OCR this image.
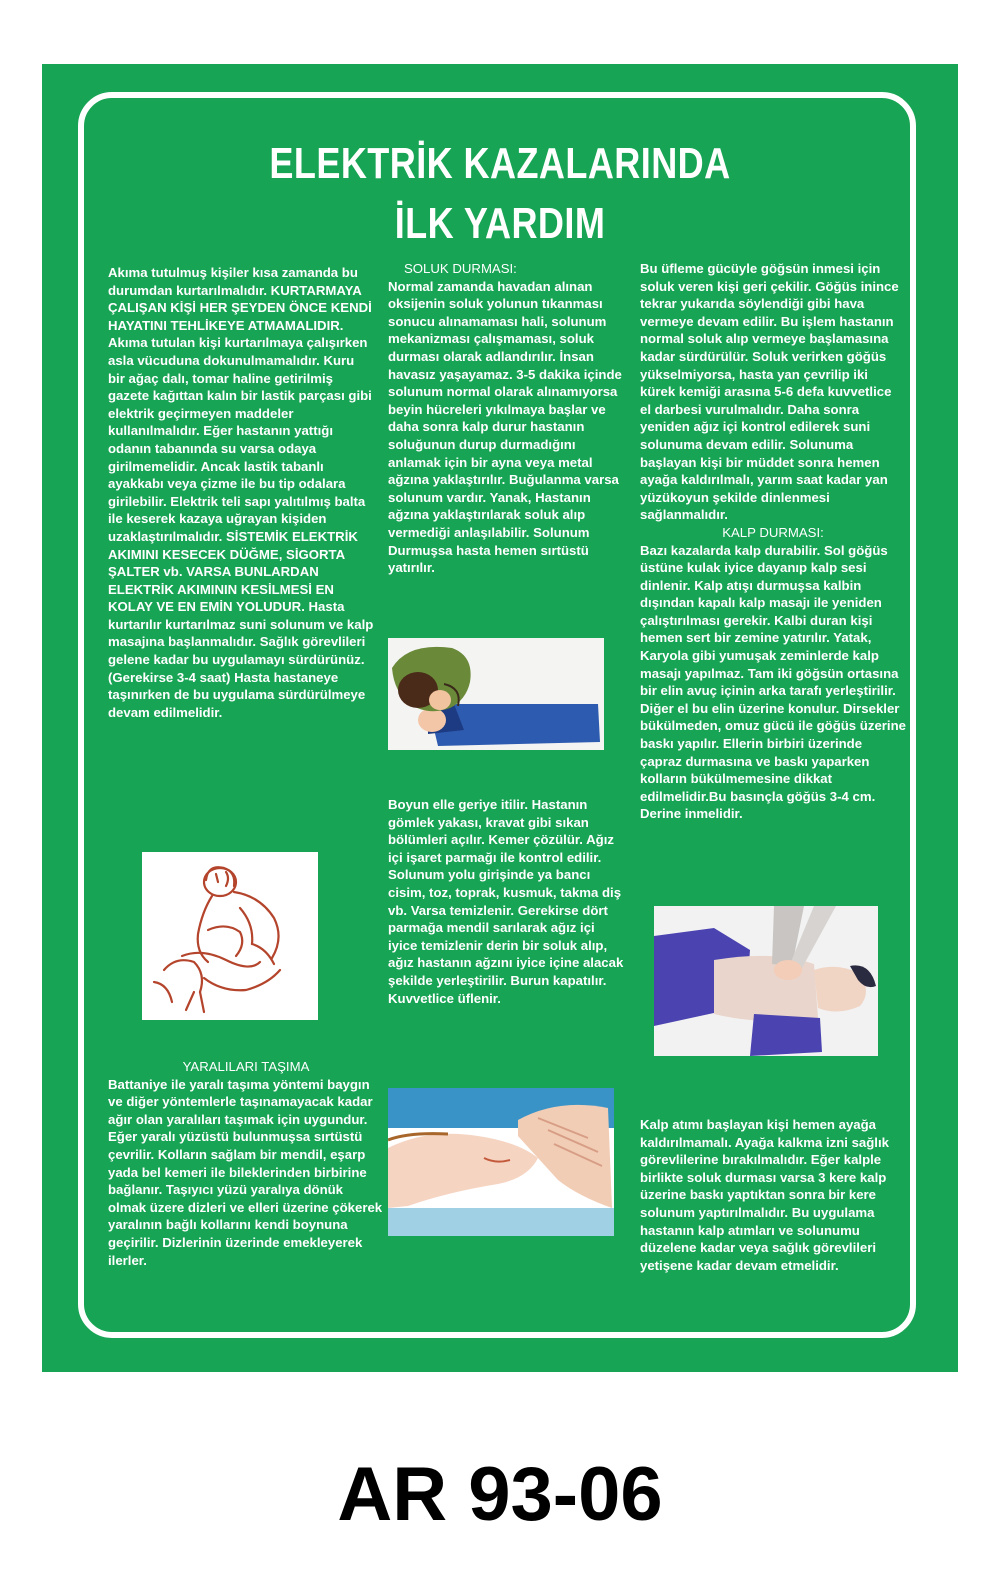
ELEKTRİK KAZALARINDA
İLK YARDIM

Akıma tutulmuş kişiler kısa zamanda bu durumdan kurtarılmalıdır. KURTARMAYA ÇALIŞAN KİŞİ HER ŞEYDEN ÖNCE KENDİ HAYATINI TEHLİKEYE ATMAMALIDIR. Akıma tutulan kişi kurtarılmaya çalışırken asla vücuduna dokunulmamalıdır. Kuru bir ağaç dalı, tomar haline getirilmiş gazete kağıttan kalın bir lastik parçası gibi elektrik geçirmeyen maddeler kullanılmalıdır. Eğer hastanın yattığı odanın tabanında su varsa odaya girilmemelidir. Ancak lastik tabanlı ayakkabı veya çizme ile bu tip odalara girilebilir. Elektrik teli sapı yalıtılmış balta ile keserek kazaya uğrayan kişiden uzaklaştırılmalıdır. SİSTEMİK ELEKTRİK AKIMINI KESECEK DÜĞME, SİGORTA ŞALTER vb. VARSA BUNLARDAN ELEKTRİK AKIMININ KESİLMESİ EN KOLAY VE EN EMİN YOLUDUR. Hasta kurtarılır kurtarılmaz suni solunum ve kalp masajına başlanmalıdır. Sağlık görevlileri gelene kadar bu uygulamayı sürdürünüz. (Gerekirse 3-4 saat) Hasta hastaneye taşınırken de bu uygulama sürdürülmeye devam edilmelidir.

YARALILARI TAŞIMA

Battaniye ile yaralı taşıma yöntemi baygın ve diğer yöntemlerle taşınamayacak kadar ağır olan yaralıları taşımak için uygundur. Eğer yaralı yüzüstü bulunmuşsa sırtüstü çevrilir. Kolların sağlam bir mendil, eşarp yada bel kemeri ile bileklerinden birbirine bağlanır. Taşıyıcı yüzü yaralıya dönük olmak üzere dizleri ve elleri üzerine çökerek yaralının bağlı kollarını kendi boynuna geçirilir. Dizlerinin üzerinde emekleyerek ilerler.

SOLUK DURMASI:

Normal zamanda havadan alınan oksijenin soluk yolunun tıkanması sonucu alınamaması hali, solunum mekanizması çalışmaması, soluk durması olarak adlandırılır. İnsan havasız yaşayamaz. 3-5 dakika içinde solunum normal olarak alınamıyorsa beyin hücreleri yıkılmaya başlar ve daha sonra kalp durur hastanın soluğunun durup durmadığını anlamak için bir ayna veya metal ağzına yaklaştırılır. Buğulanma varsa solunum vardır. Yanak, Hastanın ağzına yaklaştırılarak soluk alıp vermediği anlaşılabilir. Solunum Durmuşsa hasta hemen sırtüstü yatırılır.

Boyun elle geriye itilir. Hastanın gömlek yakası, kravat gibi sıkan bölümleri açılır. Kemer çözülür. Ağız içi işaret parmağı ile kontrol edilir. Solunum yolu girişinde ya bancı cisim, toz, toprak, kusmuk, takma diş vb. Varsa temizlenir. Gerekirse dört parmağa mendil sarılarak ağız içi iyice temizlenir derin bir soluk alıp, ağız hastanın ağzını iyice içine alacak şekilde yerleştirilir. Burun kapatılır. Kuvvetlice üflenir.

Bu üfleme gücüyle göğsün inmesi için soluk veren kişi geri çekilir. Göğüs inince tekrar yukarıda söylendiği gibi hava vermeye devam edilir. Bu işlem hastanın normal soluk alıp vermeye başlamasına kadar sürdürülür. Soluk verirken göğüs yükselmiyorsa, hasta yan çevrilip iki kürek kemiği arasına 5-6 defa kuvvetlice el darbesi vurulmalıdır. Daha sonra yeniden ağız içi kontrol edilerek suni solunuma devam edilir. Solunuma başlayan kişi bir müddet sonra hemen ayağa kaldırılmalı, yarım saat kadar yan yüzükoyun şekilde dinlenmesi sağlanmalıdır.

KALP DURMASI:

Bazı kazalarda kalp durabilir. Sol göğüs üstüne kulak iyice dayanıp kalp sesi dinlenir. Kalp atışı durmuşsa kalbin dışından kapalı kalp masajı ile yeniden çalıştırılması gerekir. Kalbi duran kişi hemen sert bir zemine yatırılır. Yatak, Karyola gibi yumuşak zeminlerde kalp masajı yapılmaz. Tam iki göğsün ortasına bir elin avuç içinin arka tarafı yerleştirilir. Diğer el bu elin üzerine konulur. Dirsekler bükülmeden, omuz gücü ile göğüs üzerine baskı yapılır. Ellerin birbiri üzerinde çapraz durmasına ve baskı yaparken kolların bükülmemesine dikkat edilmelidir.Bu basınçla göğüs 3-4 cm. Derine inmelidir.

Kalp atımı başlayan kişi hemen ayağa kaldırılmamalı. Ayağa kalkma izni sağlık görevlilerine bırakılmalıdır. Eğer kalple birlikte soluk durması varsa 3 kere kalp üzerine baskı yaptıktan sonra bir kere solunum yaptırılmalıdır. Bu uygulama hastanın kalp atımları ve solunumu düzelene kadar veya sağlık görevlileri yetişene kadar devam etmelidir.

AR 93-06
